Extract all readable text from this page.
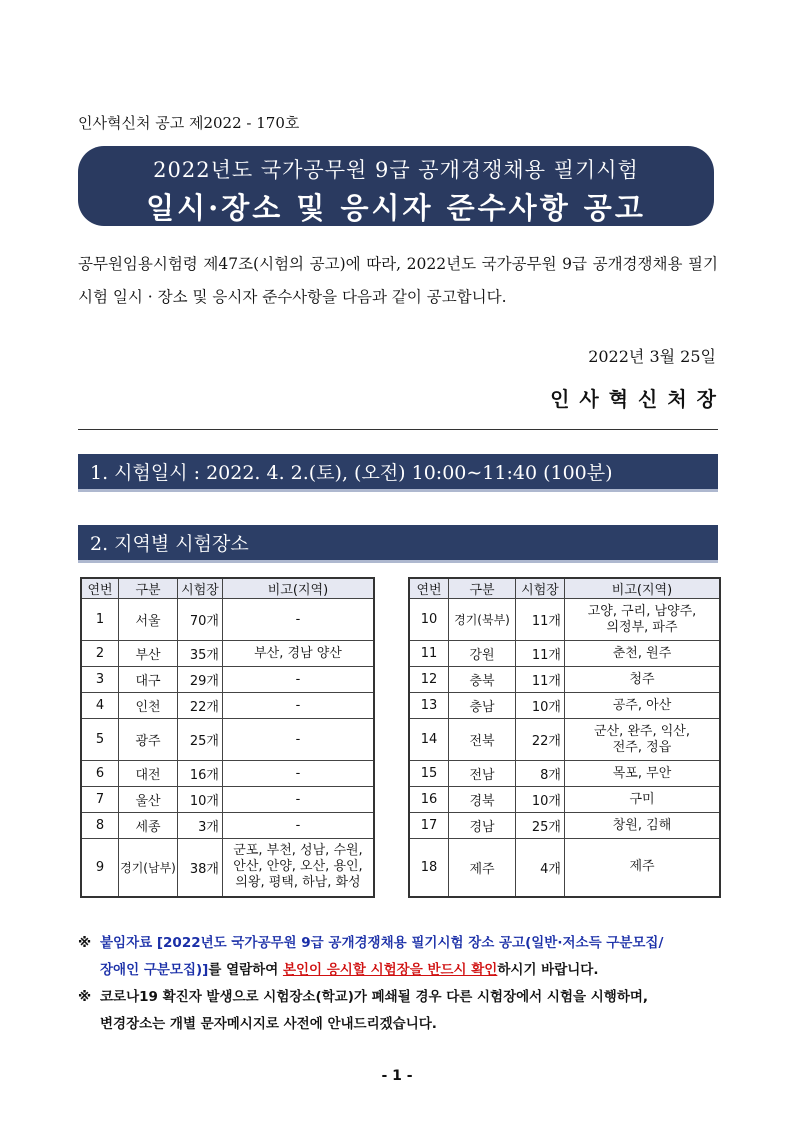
인사혁신처 공고 제2022 - 170호
2022년도 국가공무원 9급 공개경쟁채용 필기시험
일시·장소 및 응시자 준수사항 공고
공무원임용시험령 제47조(시험의 공고)에 따라, 2022년도 국가공무원 9급 공개경쟁채용 필기시험 일시 · 장소 및 응시자 준수사항을 다음과 같이 공고합니다.
2022년 3월 25일
인사혁신처장
1. 시험일시 : 2022. 4. 2.(토), (오전) 10:00∼11:40 (100분)
2. 지역별 시험장소
연번	구분	시험장	비고(지역)
1	서울	70개	-
2	부산	35개	부산, 경남 양산
3	대구	29개	-
4	인천	22개	-
5	광주	25개	-
6	대전	16개	-
7	울산	10개	-
8	세종	3개	-
9	경기(남부)	38개	군포, 부천, 성남, 수원,
안산, 안양, 오산, 용인,
의왕, 평택, 하남, 화성
연번	구분	시험장	비고(지역)
10	경기(북부)	11개	고양, 구리, 남양주,
의정부, 파주
11	강원	11개	춘천, 원주
12	충북	11개	청주
13	충남	10개	공주, 아산
14	전북	22개	군산, 완주, 익산,
전주, 정읍
15	전남	8개	목포, 무안
16	경북	10개	구미
17	경남	25개	창원, 김해
18	제주	4개	제주
※ 붙임자료 [2022년도 국가공무원 9급 공개경쟁채용 필기시험 장소 공고(일반·저소득 구분모집/
장애인 구분모집)]를 열람하여 본인이 응시할 시험장을 반드시 확인하시기 바랍니다.
※ 코로나19 확진자 발생으로 시험장소(학교)가 폐쇄될 경우 다른 시험장에서 시험을 시행하며,
변경장소는 개별 문자메시지로 사전에 안내드리겠습니다.
- 1 -
